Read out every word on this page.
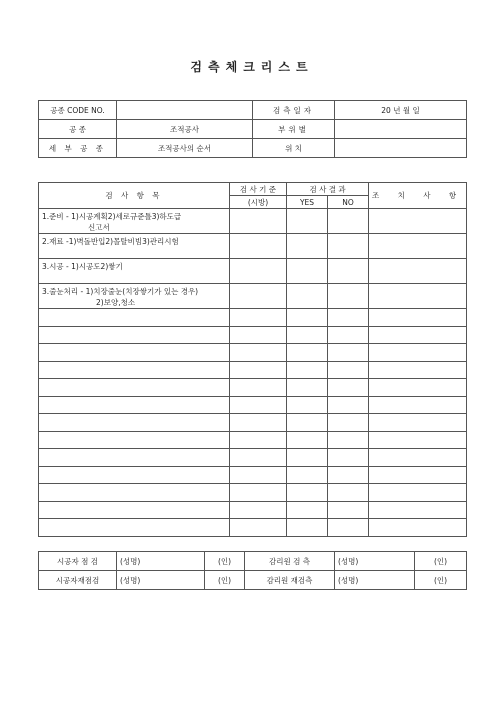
검측체크리스트
공종 CODE NO.		검측일자	20 년 월 일
공 종	조적공사	부위별	
세 부 공 종	조적공사의 순서	위 치	
검 사 항 목	검 사 기 준	검 사 결 과		조 치 사 항
	(시방)	YES	NO	
1.준비 - 1)시공계획2)세로규준틀3)하도급
신고서				

2.재료 -1)벽돌반입2)몰탈비빔3)관리시험				
3.시공 - 1)시공도2)쌓기				
3.줄눈처리 - 1)치장줄눈(치장쌓기가 있는 경우)
2)보양,청소				

시공자 점 검	(성명)	(인)	감리원 검 측	(성명)	(인)
시공자재점검	(성명)	(인)	감리원 재검측	(성명)	(인)
